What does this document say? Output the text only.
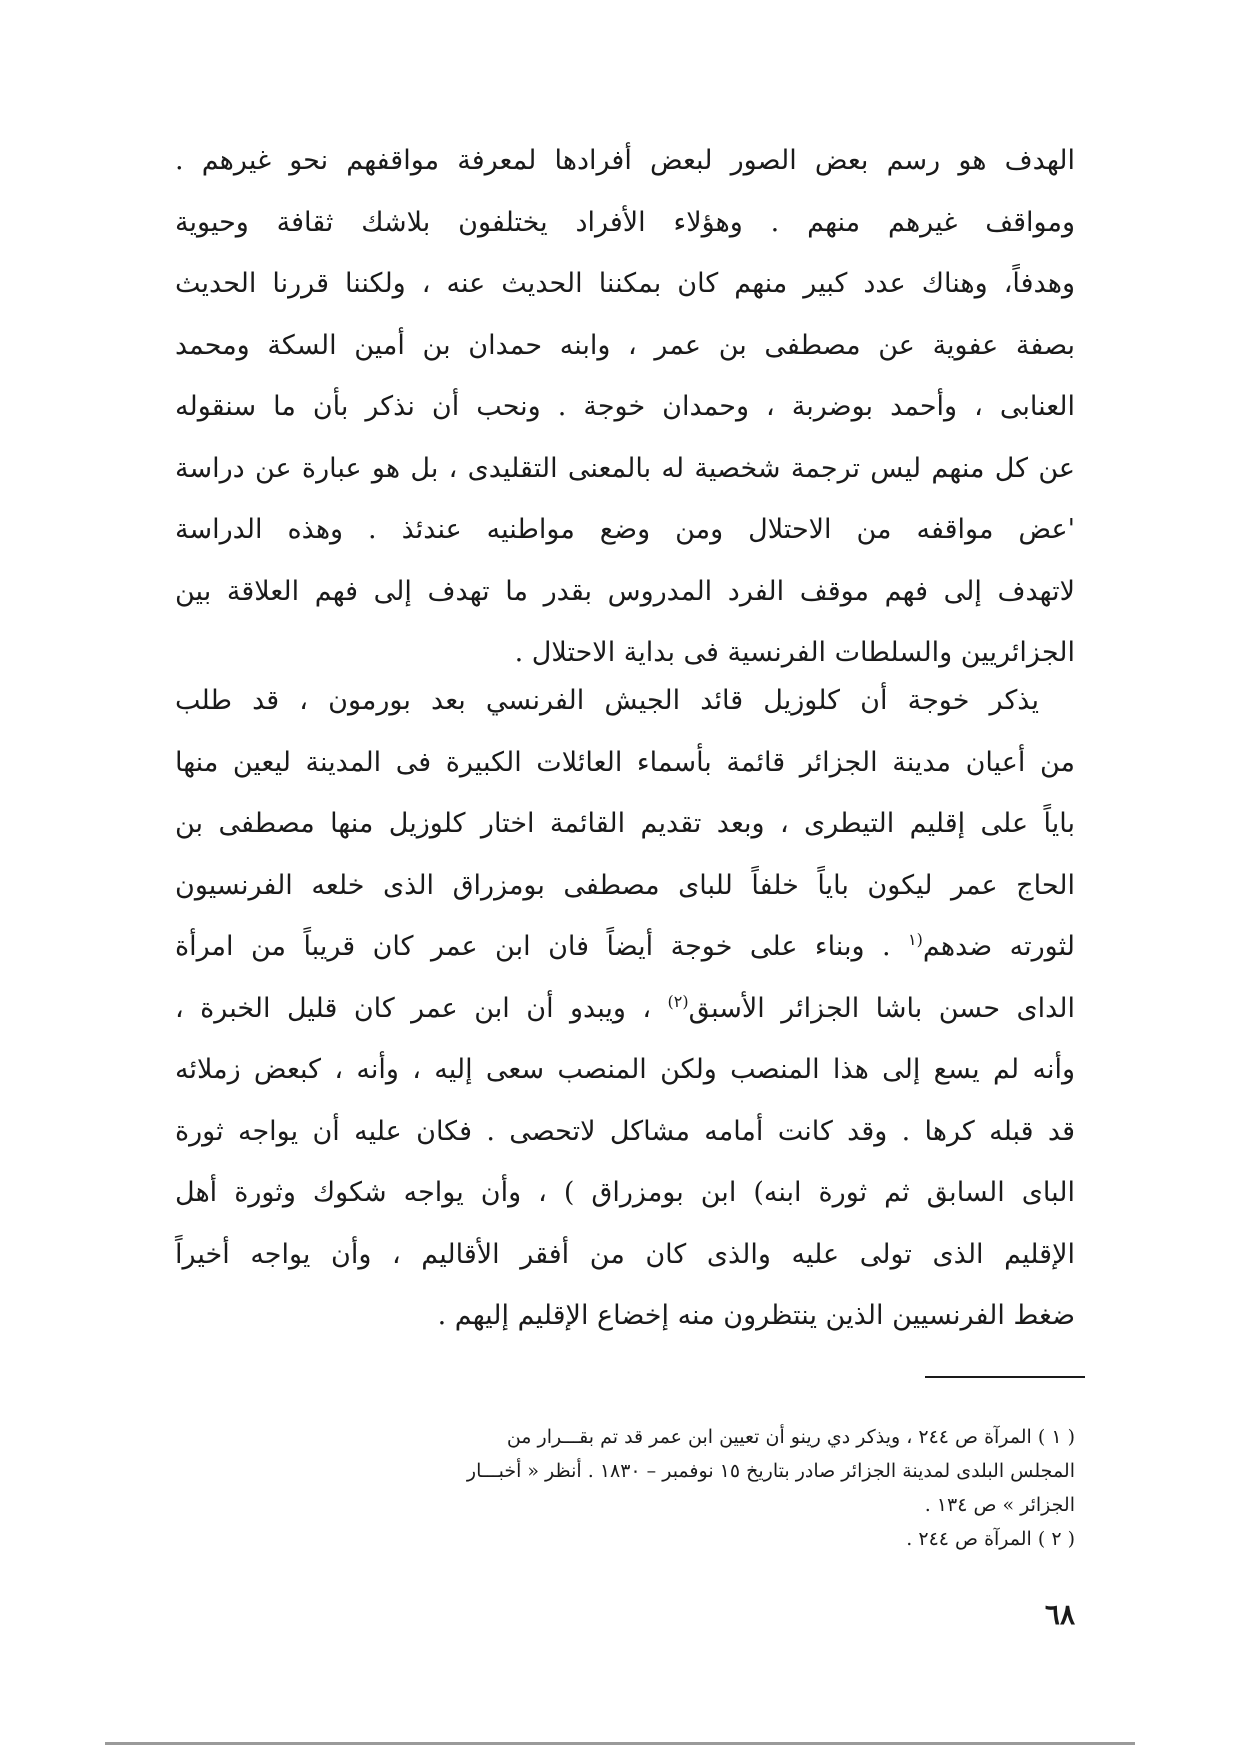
الهدف هو رسم بعض الصور لبعض أفرادها لمعرفة مواقفهم نحو غيرهم .
ومواقف غيرهم منهم . وهؤلاء الأفراد يختلفون بلاشك ثقافة وحيوية
وهدفاً، وهناك عدد كبير منهم كان بمكننا الحديث عنه ، ولكننا قررنا الحديث
بصفة عفوية عن مصطفى بن عمر ، وابنه حمدان بن أمين السكة ومحمد
العنابى ، وأحمد بوضربة ، وحمدان خوجة . ونحب أن نذكر بأن ما سنقوله
عن كل منهم ليس ترجمة شخصية له بالمعنى التقليدى ، بل هو عبارة عن دراسة
'عض مواقفه من الاحتلال ومن وضع مواطنيه عندئذ . وهذه الدراسة
لاتهدف إلى فهم موقف الفرد المدروس بقدر ما تهدف إلى فهم العلاقة بين
الجزائريين والسلطات الفرنسية فى بداية الاحتلال .
يذكر خوجة أن كلوزيل قائد الجيش الفرنسي بعد بورمون ، قد طلب
من أعيان مدينة الجزائر قائمة بأسماء العائلات الكبيرة فى المدينة ليعين منها
باياً على إقليم التيطرى ، وبعد تقديم القائمة اختار كلوزيل منها مصطفى بن
الحاج عمر ليكون باياً خلفاً للباى مصطفى بومزراق الذى خلعه الفرنسيون
لثورته ضدهم$^{(١}$ . وبناء على خوجة أيضاً فان ابن عمر كان قريباً من امرأة
الداى حسن باشا الجزائر الأسبق$^{(٢)}$ ، ويبدو أن ابن عمر كان قليل الخبرة ،
وأنه لم يسع إلى هذا المنصب ولكن المنصب سعى إليه ، وأنه ، كبعض زملائه
قد قبله كرها . وقد كانت أمامه مشاكل لاتحصى . فكان عليه أن يواجه ثورة
الباى السابق ثم ثورة ابنه) ابن بومزراق ) ، وأن يواجه شكوك وثورة أهل
الإقليم الذى تولى عليه والذى كان من أفقر الأقاليم ، وأن يواجه أخيراً
ضغط الفرنسيين الذين ينتظرون منه إخضاع الإقليم إليهم .
( ١ ) المرآة ص ٢٤٤ ، ويذكر دي رينو أن تعيين ابن عمر قد تم بقـــرار من
المجلس البلدى لمدينة الجزائر صادر بتاريخ ١٥ نوفمبر – ١٨٣٠ . أنظر « أخبـــار
الجزائر » ص ١٣٤ .
( ٢ ) المرآة ص ٢٤٤ .
٦٨
